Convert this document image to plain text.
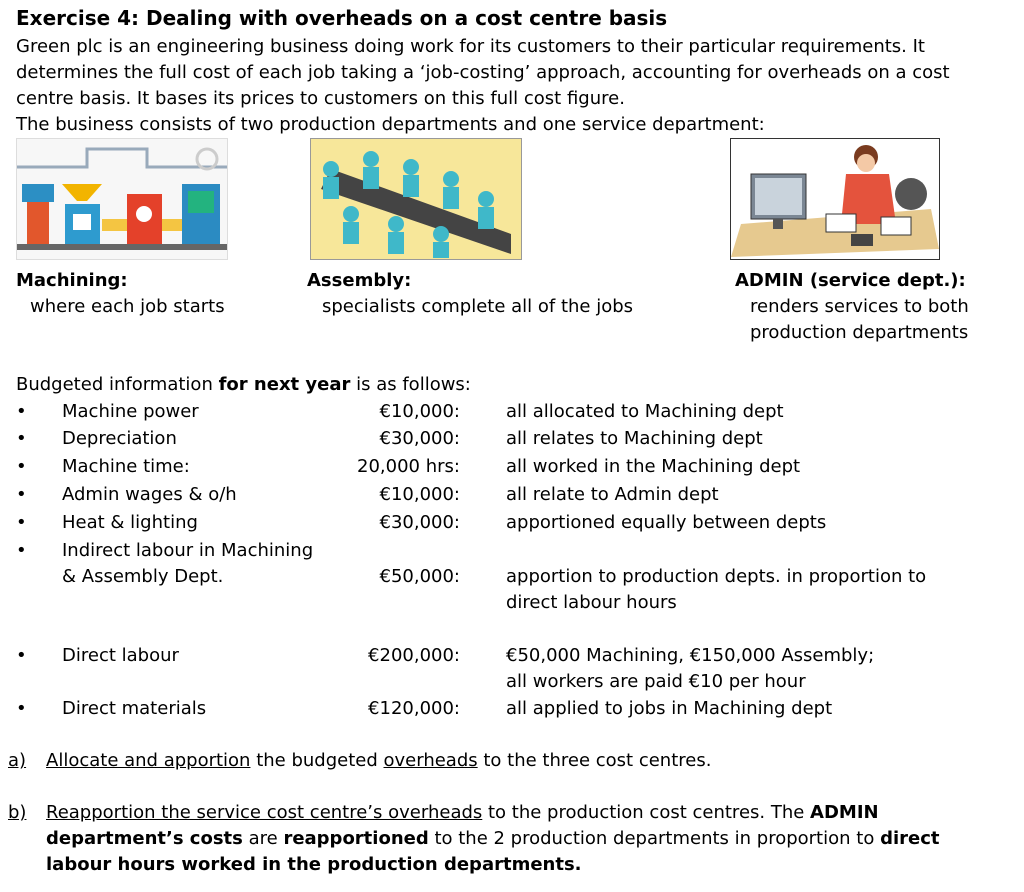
Exercise 4: Dealing with overheads on a cost centre basis
Green plc is an engineering business doing work for its customers to their particular requirements. It
determines the full cost of each job taking a ‘job-costing’ approach, accounting for overheads on a cost
centre basis. It bases its prices to customers on this full cost figure.
The business consists of two production departments and one service department:
Machining:
where each job starts
Assembly:
specialists complete all of the jobs
ADMIN (service dept.):
renders services to both
production departments
Budgeted information for next year is as follows:
• Machine power	€10,000:	all allocated to Machining dept
• Depreciation	€30,000:	all relates to Machining dept
• Machine time:	20,000 hrs:	all worked in the Machining dept
• Admin wages & o/h	€10,000:	all relate to Admin dept
• Heat & lighting	€30,000:	apportioned equally between depts
• Indirect labour in Machining
& Assembly Dept.	€50,000:	apportion to production depts. in proportion to
direct labour hours
• Direct labour	€200,000:	€50,000 Machining, €150,000 Assembly;
all workers are paid €10 per hour
• Direct materials	€120,000:	all applied to jobs in Machining dept
a) Allocate and apportion the budgeted overheads to the three cost centres.
b) Reapportion the service cost centre’s overheads to the production cost centres. The ADMIN
department’s costs are reapportioned to the 2 production departments in proportion to direct
labour hours worked in the production departments.
